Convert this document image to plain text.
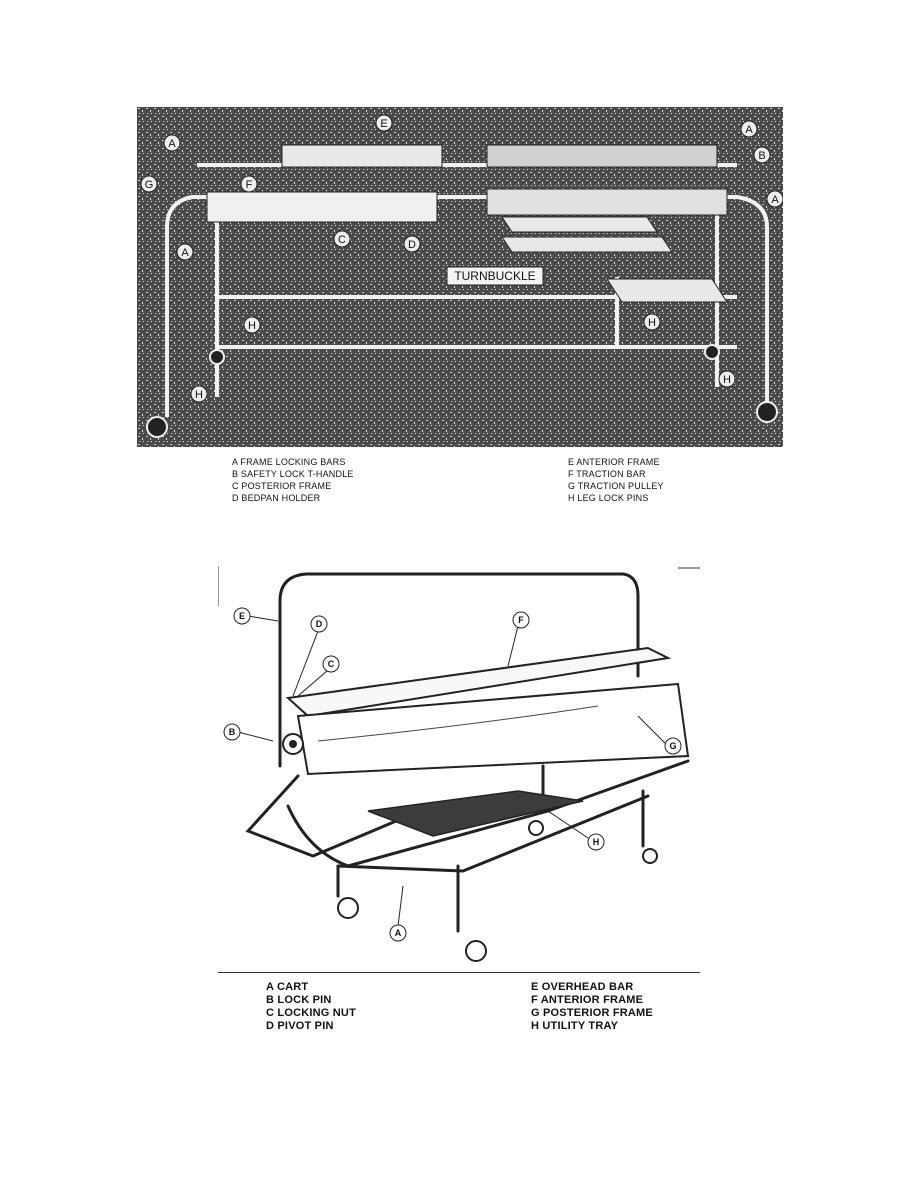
TURNBUCKLE
A
A
A
A
B
C	D
E
F
G
H	H
H
H
A FRAME LOCKING BARS
B SAFETY LOCK T-HANDLE
C POSTERIOR FRAME
D BEDPAN HOLDER
E ANTERIOR FRAME
F TRACTION BAR
G TRACTION PULLEY
H LEG LOCK PINS
A
B
C
D
E	F
G
H
A CART
B LOCK PIN
C LOCKING NUT
D PIVOT PIN
E OVERHEAD BAR
F ANTERIOR FRAME
G POSTERIOR FRAME
H UTILITY TRAY
